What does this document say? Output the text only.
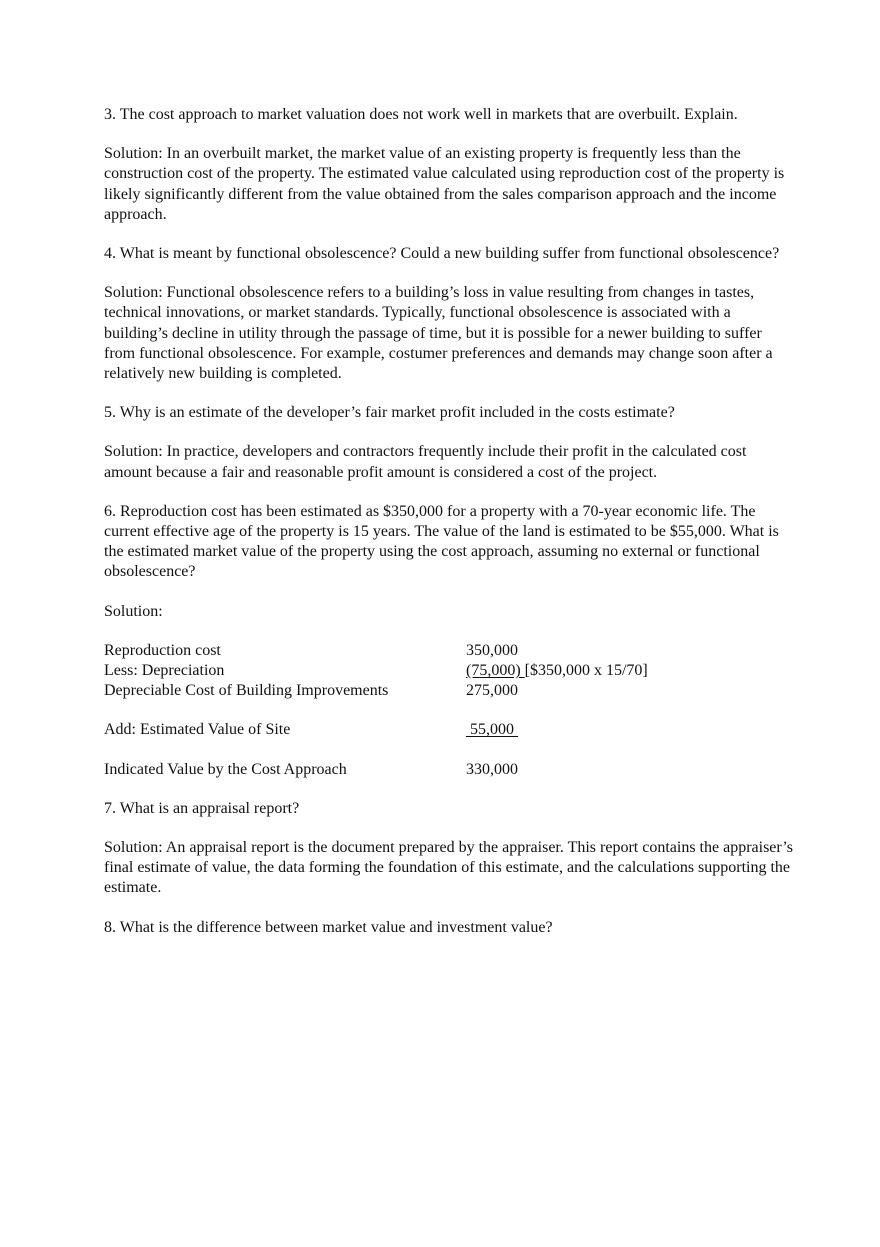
3. The cost approach to market valuation does not work well in markets that are overbuilt. Explain.

Solution: In an overbuilt market, the market value of an existing property is frequently less than the construction cost of the property. The estimated value calculated using reproduction cost of the property is likely significantly different from the value obtained from the sales comparison approach and the income approach.

4. What is meant by functional obsolescence? Could a new building suffer from functional obsolescence?

Solution: Functional obsolescence refers to a building’s loss in value resulting from changes in tastes, technical innovations, or market standards. Typically, functional obsolescence is associated with a building’s decline in utility through the passage of time, but it is possible for a newer building to suffer from functional obsolescence. For example, costumer preferences and demands may change soon after a relatively new building is completed.

5. Why is an estimate of the developer’s fair market profit included in the costs estimate?

Solution: In practice, developers and contractors frequently include their profit in the calculated cost amount because a fair and reasonable profit amount is considered a cost of the project.

6. Reproduction cost has been estimated as $350,000 for a property with a 70-year economic life. The current effective age of the property is 15 years. The value of the land is estimated to be $55,000. What is the estimated market value of the property using the cost approach, assuming no external or functional obsolescence?

Solution:

Reproduction cost	350,000
Less: Depreciation	(75,000) [$350,000 x 15/70]
Depreciable Cost of Building Improvements	275,000
Add: Estimated Value of Site	55,000
Indicated Value by the Cost Approach	330,000

7. What is an appraisal report?

Solution: An appraisal report is the document prepared by the appraiser. This report contains the appraiser’s final estimate of value, the data forming the foundation of this estimate, and the calculations supporting the estimate.

8. What is the difference between market value and investment value?
